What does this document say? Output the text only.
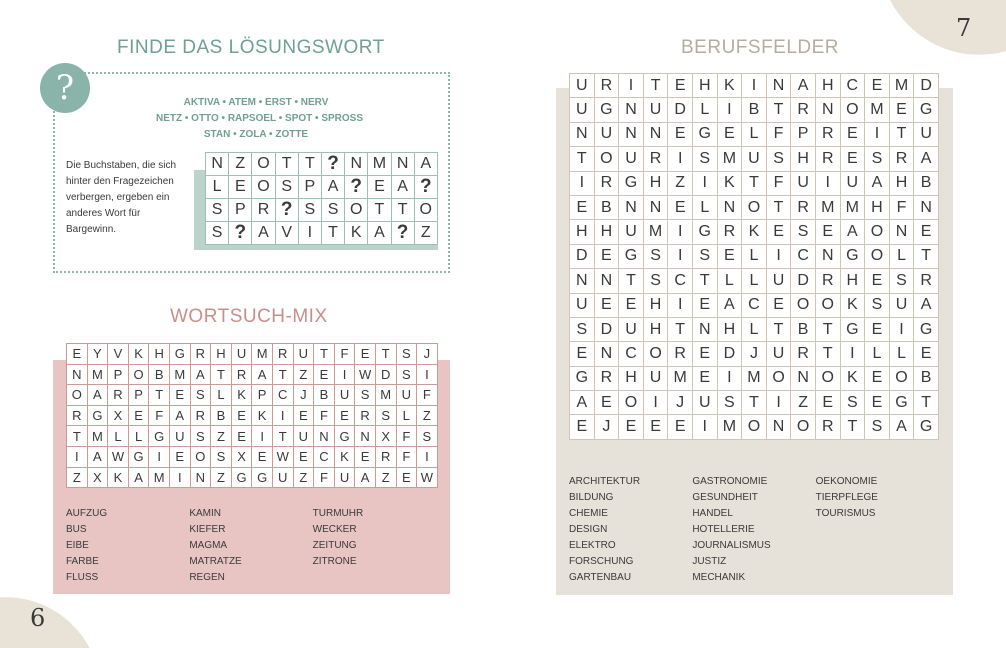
6
7
FINDE DAS LÖSUNGSWORT
?	AKTIVA • ATEM • ERST • NERV
NETZ • OTTO • RAPSOEL • SPOT • SPROSS
STAN • ZOLA • ZOTTE
Die Buchstaben, die sich hinter den Fragezeichen verbergen, ergeben ein anderes Wort für Bargewinn.
N	Z	O	T	T	?	N	M	N	A
L	E	O	S	P	A	?	E	A	?
S	P	R	?	S	S	O	T	T	O
S	?	A	V	I	T	K	A	?	Z
WORTSUCH-MIX
E	Y	V	K	H	G	R	H	U	M	R	U	T	F	E	T	S	J
N	M	P	O	B	M	A	T	R	A	T	Z	E	I	W	D	S	I
O	A	R	P	T	E	S	L	K	P	C	J	B	U	S	M	U	F
R	G	X	E	F	A	R	B	E	K	I	E	F	E	R	S	L	Z
T	M	L	L	G	U	S	Z	E	I	T	U	N	G	N	X	F	S
I	A	W	G	I	E	O	S	X	E	W	E	C	K	E	R	F	I
Z	X	K	A	M	I	N	Z	G	G	U	Z	F	U	A	Z	E	W
AUFZUG
BUS
EIBE
FARBE
FLUSS
KAMIN
KIEFER
MAGMA
MATRATZE
REGEN
TURMUHR
WECKER
ZEITUNG
ZITRONE
BERUFSFELDER
U	R	I	T	E	H	K	I	N	A	H	C	E	M	D
U	G	N	U	D	L	I	B	T	R	N	O	M	E	G
N	U	N	N	E	G	E	L	F	P	R	E	I	T	U
T	O	U	R	I	S	M	U	S	H	R	E	S	R	A
I	R	G	H	Z	I	K	T	F	U	I	U	A	H	B
E	B	N	N	E	L	N	O	T	R	M	M	H	F	N
H	H	U	M	I	G	R	K	E	S	E	A	O	N	E
D	E	G	S	I	S	E	L	I	C	N	G	O	L	T
N	N	T	S	C	T	L	L	U	D	R	H	E	S	R
U	E	E	H	I	E	A	C	E	O	O	K	S	U	A
S	D	U	H	T	N	H	L	T	B	T	G	E	I	G
E	N	C	O	R	E	D	J	U	R	T	I	L	L	E
G	R	H	U	M	E	I	M	O	N	O	K	E	O	B
A	E	O	I	J	U	S	T	I	Z	E	S	E	G	T
E	J	E	E	E	I	M	O	N	O	R	T	S	A	G
ARCHITEKTUR
BILDUNG
CHEMIE
DESIGN
ELEKTRO
FORSCHUNG
GARTENBAU
GASTRONOMIE
GESUNDHEIT
HANDEL
HOTELLERIE
JOURNALISMUS
JUSTIZ
MECHANIK
OEKONOMIE
TIERPFLEGE
TOURISMUS
